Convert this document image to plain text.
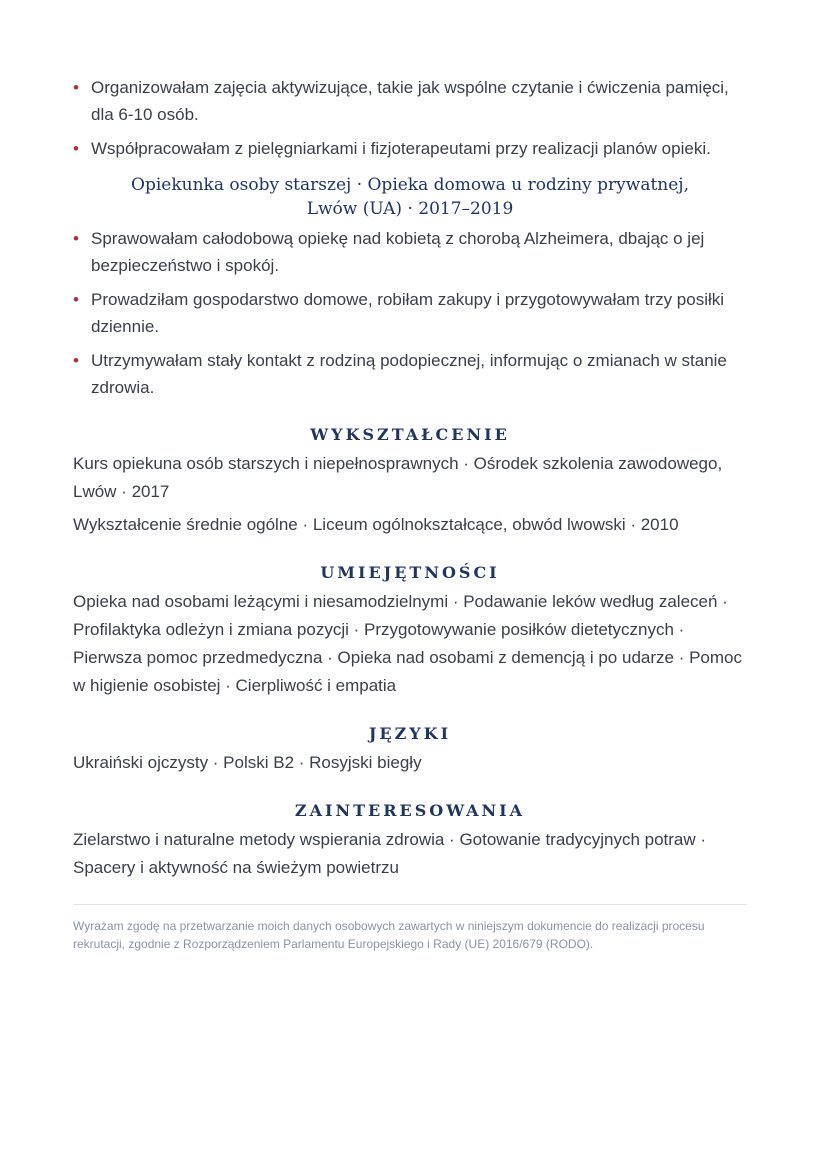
• Organizowałam zajęcia aktywizujące, takie jak wspólne czytanie i ćwiczenia pamięci, dla 6-10 osób.
• Współpracowałam z pielęgniarkami i fizjoterapeutami przy realizacji planów opieki.
Opiekunka osoby starszej · Opieka domowa u rodziny prywatnej, Lwów (UA) · 2017–2019
• Sprawowałam całodobową opiekę nad kobietą z chorobą Alzheimera, dbając o jej bezpieczeństwo i spokój.
• Prowadziłam gospodarstwo domowe, robiłam zakupy i przygotowywałam trzy posiłki dziennie.
• Utrzymywałam stały kontakt z rodziną podopiecznej, informując o zmianach w stanie zdrowia.
WYKSZTAŁCENIE

Kurs opiekuna osób starszych i niepełnosprawnych · Ośrodek szkolenia zawodowego, Lwów · 2017

Wykształcenie średnie ogólne · Liceum ogólnokształcące, obwód lwowski · 2010

UMIEJĘTNOŚCI

Opieka nad osobami leżącymi i niesamodzielnymi · Podawanie leków według zaleceń · Profilaktyka odleżyn i zmiana pozycji · Przygotowywanie posiłków dietetycznych · Pierwsza pomoc przedmedyczna · Opieka nad osobami z demencją i po udarze · Pomoc w higienie osobistej · Cierpliwość i empatia

JĘZYKI

Ukraiński ojczysty · Polski B2 · Rosyjski biegły

ZAINTERESOWANIA

Zielarstwo i naturalne metody wspierania zdrowia · Gotowanie tradycyjnych potraw · Spacery i aktywność na świeżym powietrzu

Wyrażam zgodę na przetwarzanie moich danych osobowych zawartych w niniejszym dokumencie do realizacji procesu rekrutacji, zgodnie z Rozporządzeniem Parlamentu Europejskiego i Rady (UE) 2016/679 (RODO).
